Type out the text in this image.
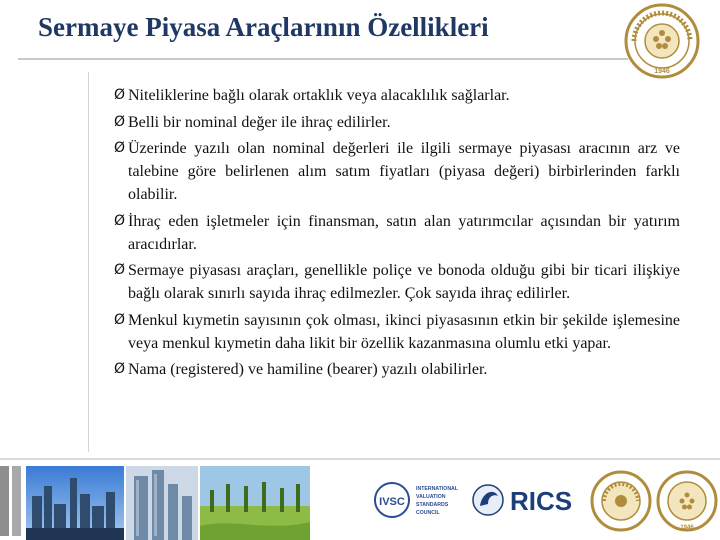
Sermaye Piyasa Araçlarının Özellikleri
1946
Ø Niteliklerine bağlı olarak ortaklık veya alacaklılık sağlarlar.
Ø Belli bir nominal değer ile ihraç edilirler.
Ø Üzerinde yazılı olan nominal değerleri ile ilgili sermaye piyasası aracının arz ve talebine göre belirlenen alım satım fiyatları (piyasa değeri) birbirlerinden farklı olabilir.
Ø İhraç eden işletmeler için finansman, satın alan yatırımcılar açısından bir yatırım aracıdırlar.
Ø Sermaye piyasası araçları, genellikle poliçe ve bonoda olduğu gibi bir ticari ilişkiye bağlı olarak sınırlı sayıda ihraç edilmezler. Çok sayıda ihraç edilirler.
Ø Menkul kıymetin sayısının çok olması, ikinci piyasasının etkin bir şekilde işlemesine veya menkul kıymetin daha likit bir özellik kazanmasına olumlu etki yapar.
Ø Nama (registered) ve hamiline (bearer) yazılı olabilirler.
IVSC
INTERNATIONAL
VALUATION
STANDARDS
COUNCIL	RICS
1946
